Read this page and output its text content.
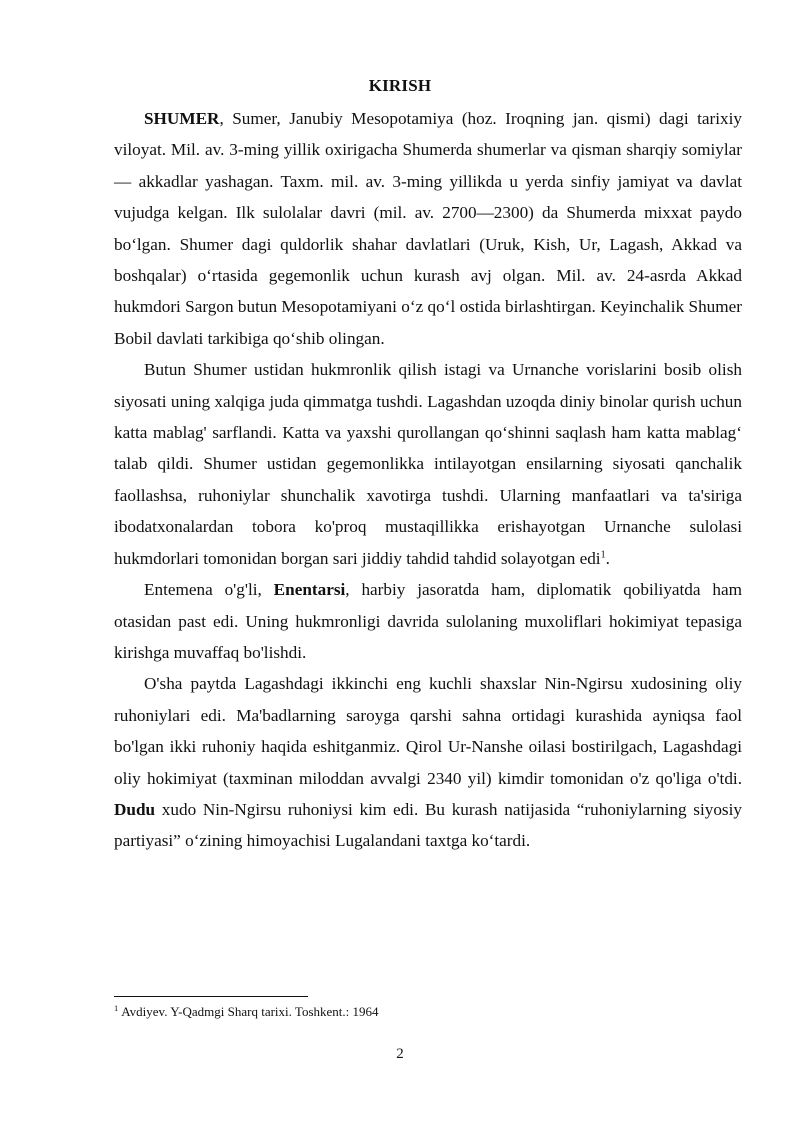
KIRISH

SHUMER, Sumer, Janubiy Mesopotamiya (hoz. Iroqning jan. qismi) dagi tarixiy viloyat. Mil. av. 3-ming yillik oxirigacha Shumerda shumerlar va qisman sharqiy somiylar — akkadlar yashagan. Taxm. mil. av. 3-ming yillikda u yerda sinfiy jamiyat va davlat vujudga kelgan. Ilk sulolalar davri (mil. av. 2700—2300) da Shumerda mixxat paydo bo‘lgan. Shumer dagi quldorlik shahar davlatlari (Uruk, Kish, Ur, Lagash, Akkad va boshqalar) o‘rtasida gegemonlik uchun kurash avj olgan. Mil. av. 24-asrda Akkad hukmdori Sargon butun Mesopotamiyani o‘z qo‘l ostida birlashtirgan. Keyinchalik Shumer Bobil davlati tarkibiga qo‘shib olingan.

Butun Shumer ustidan hukmronlik qilish istagi va Urnanche vorislarini bosib olish siyosati uning xalqiga juda qimmatga tushdi. Lagashdan uzoqda diniy binolar qurish uchun katta mablag' sarflandi. Katta va yaxshi qurollangan qo‘shinni saqlash ham katta mablag‘ talab qildi. Shumer ustidan gegemonlikka intilayotgan ensilarning siyosati qanchalik faollashsa, ruhoniylar shunchalik xavotirga tushdi. Ularning manfaatlari va ta'siriga ibodatxonalardan tobora ko'proq mustaqillikka erishayotgan Urnanche sulolasi hukmdorlari tomonidan borgan sari jiddiy tahdid tahdid solayotgan edi$^1$.

Entemena o'g'li, Enentarsi, harbiy jasoratda ham, diplomatik qobiliyatda ham otasidan past edi. Uning hukmronligi davrida sulolaning muxoliflari hokimiyat tepasiga kirishga muvaffaq bo'lishdi.

O'sha paytda Lagashdagi ikkinchi eng kuchli shaxslar Nin-Ngirsu xudosining oliy ruhoniylari edi. Ma'badlarning saroyga qarshi sahna ortidagi kurashida ayniqsa faol bo'lgan ikki ruhoniy haqida eshitganmiz. Qirol Ur-Nanshe oilasi bostirilgach, Lagashdagi oliy hokimiyat (taxminan miloddan avvalgi 2340 yil) kimdir tomonidan o'z qo'liga o'tdi. Dudu xudo Nin-Ngirsu ruhoniysi kim edi. Bu kurash natijasida “ruhoniylarning siyosiy partiyasi” o‘zining himoyachisi Lugalandani taxtga ko‘tardi.

$^1$ Avdiyev. Y-Qadmgi Sharq tarixi. Toshkent.: 1964
2
